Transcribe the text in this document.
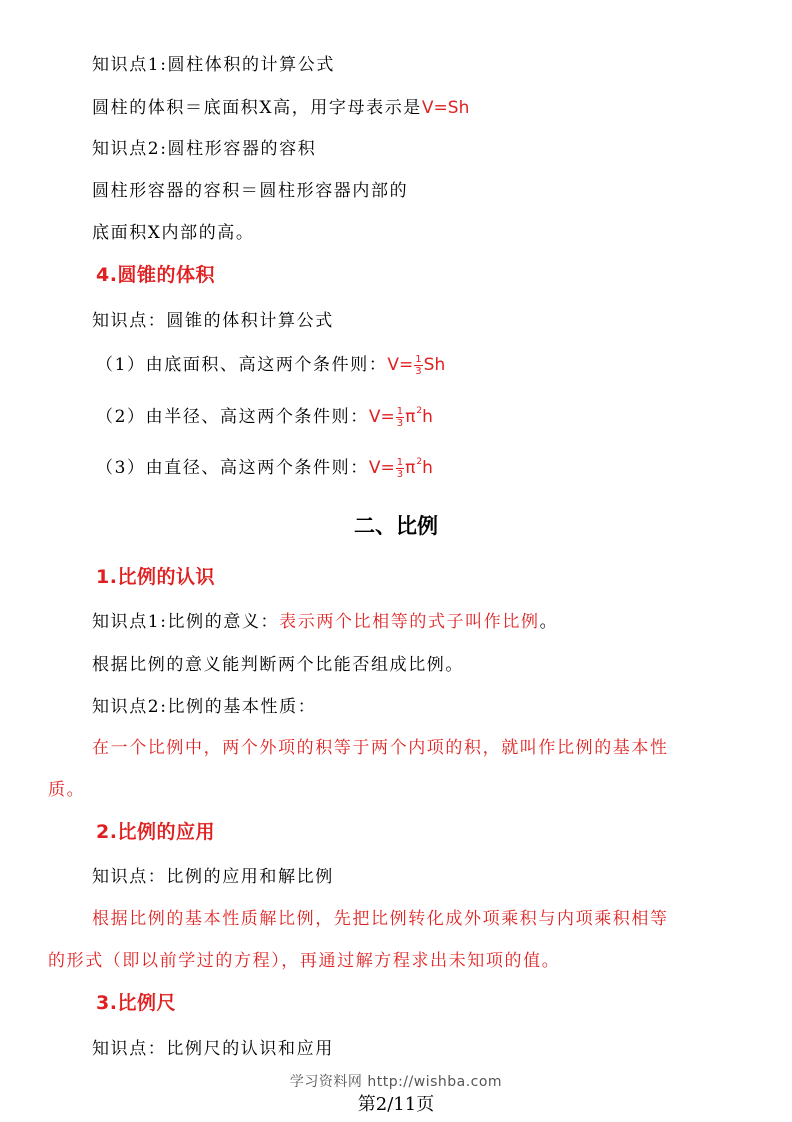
知识点1:圆柱体积的计算公式
圆柱的体积＝底面积X高，用字母表示是V=Sh
知识点2:圆柱形容器的容积
圆柱形容器的容积＝圆柱形容器内部的
底面积X内部的高。
4.圆锥的体积
知识点：圆锥的体积计算公式
（1）由底面积、高这两个条件则：$V= \frac{1}{3}$ Sh
（2）由半径、高这两个条件则：$V= \frac{1}{3} \pi^2h$
（3）由直径、高这两个条件则：$V= \frac{1}{3} \pi^2h$
二、比例
1.比例的认识
知识点1:比例的意义：表示两个比相等的式子叫作比例。
根据比例的意义能判断两个比能否组成比例。
知识点2:比例的基本性质：
在一个比例中，两个外项的积等于两个内项的积，就叫作比例的基本性
质。
2.比例的应用
知识点：比例的应用和解比例
根据比例的基本性质解比例，先把比例转化成外项乘积与内项乘积相等
的形式（即以前学过的方程），再通过解方程求出未知项的值。
3.比例尺
知识点：比例尺的认识和应用
学习资料网 http://wishba.com
第2/11页
